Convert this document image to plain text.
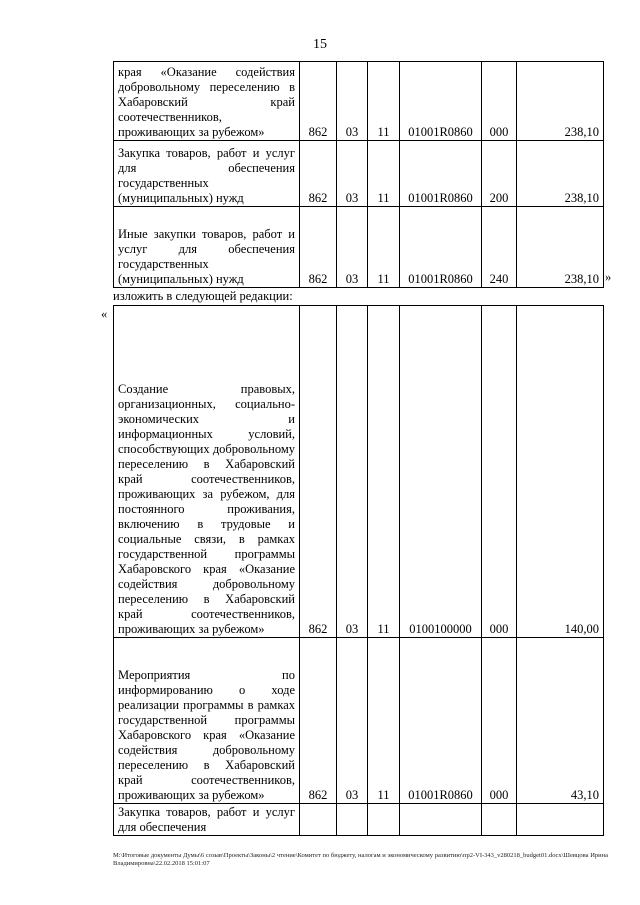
15
края «Оказание содействия добровольному переселению в Хабаровский край соотечественников, проживающих за рубежом»	862	03	11	01001R0860	000	238,10
Закупка товаров, работ и услуг для обеспечения государственных (муниципальных) нужд	862	03	11	01001R0860	200	238,10
Иные закупки товаров, работ и услуг для обеспечения государственных (муниципальных) нужд	862	03	11	01001R0860	240	238,10 »
изложить в следующей редакции:
«
Создание правовых, организационных, социально-экономических и информационных условий, способствующих добровольному переселению в Хабаровский край соотечественников, проживающих за рубежом, для постоянного проживания, включению в трудовые и социальные связи, в рамках государственной программы Хабаровского края «Оказание содействия добровольному переселению в Хабаровский край соотечественников, проживающих за рубежом»	862	03	11	0100100000	000	140,00
Мероприятия по информированию о ходе реализации программы в рамках государственной программы Хабаровского края «Оказание содействия добровольному переселению в Хабаровский край соотечественников, проживающих за рубежом»	862	03	11	01001R0860	000	43,10
Закупка товаров, работ и услуг для обеспечения						
М:\Итоговые документы Думы\6 созыв\Проекты\Законы\2 чтение\Комитет по бюджету, налогам и экономическому развитию\пр2-VI-343_v280218_budget01.docx\Шевцова Ирина Владимировна\22.02.2018 15:01:07
